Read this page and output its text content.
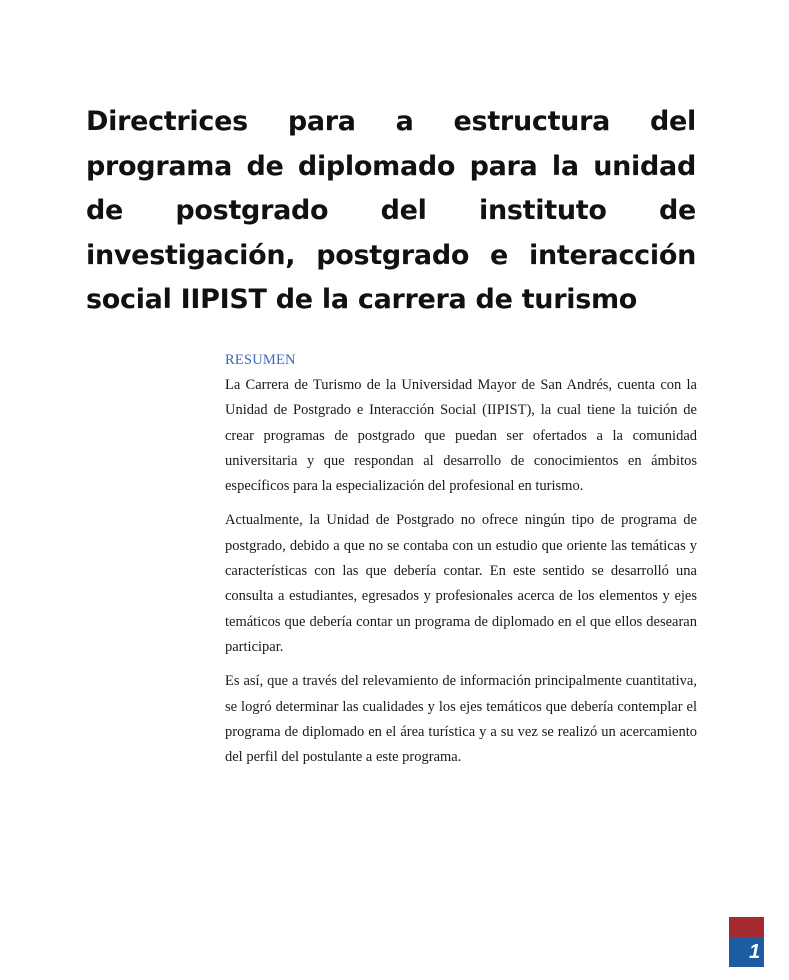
Directrices para a estructura del programa de diplomado para la unidad de postgrado del instituto de investigación, postgrado e interacción social IIPIST de la carrera de turismo
RESUMEN

La Carrera de Turismo de la Universidad Mayor de San Andrés, cuenta con la Unidad de Postgrado e Interacción Social (IIPIST), la cual tiene la tuición de crear programas de postgrado que puedan ser ofertados a la comunidad universitaria y que respondan al desarrollo de conocimientos en ámbitos específicos para la especialización del profesional en turismo.

Actualmente, la Unidad de Postgrado no ofrece ningún tipo de programa de postgrado, debido a que no se contaba con un estudio que oriente las temáticas y características con las que debería contar. En este sentido se desarrolló una consulta a estudiantes, egresados y profesionales acerca de los elementos y ejes temáticos que debería contar un programa de diplomado en el que ellos desearan participar.

Es así, que a través del relevamiento de información principalmente cuantitativa, se logró determinar las cualidades y los ejes temáticos que debería contemplar el programa de diplomado en el área turística y a su vez se realizó un acercamiento del perfil del postulante a este programa.

1
